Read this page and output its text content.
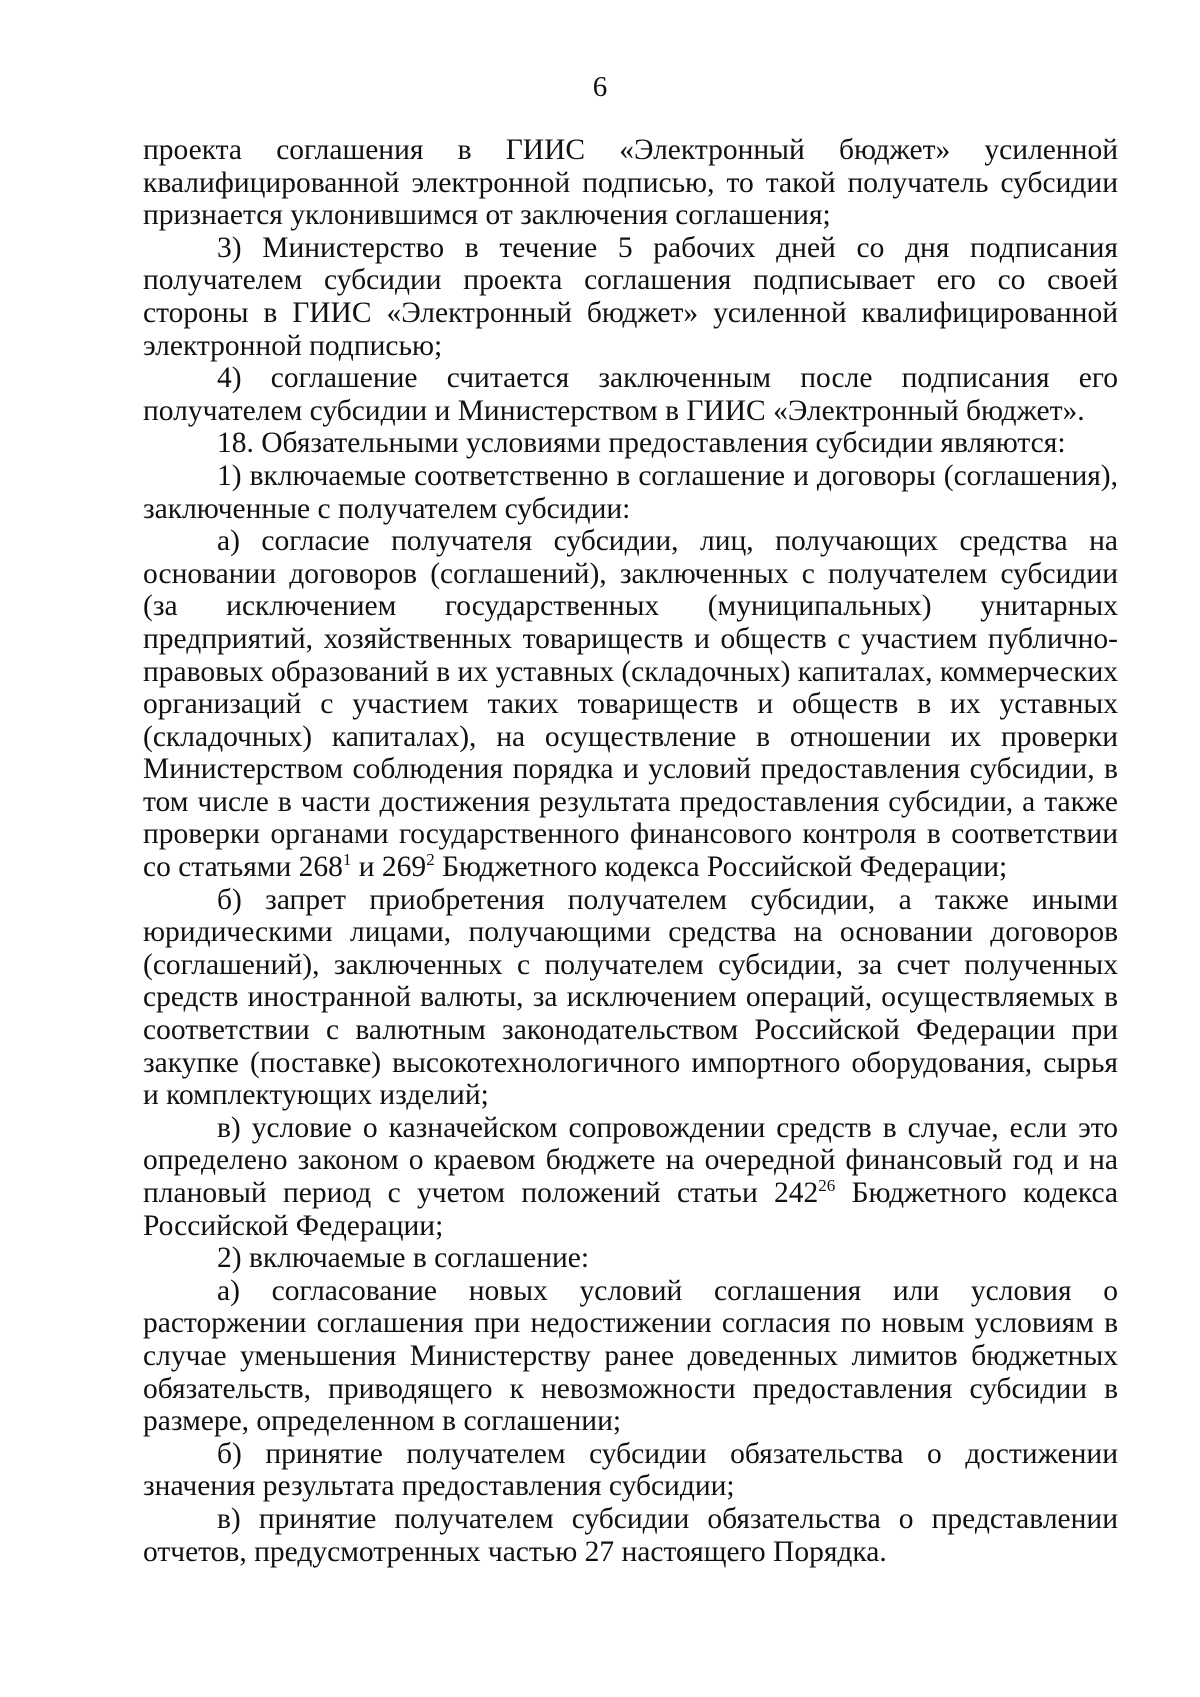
6

проекта соглашения в ГИИС «Электронный бюджет» усиленной квалифицированной электронной подписью, то такой получатель субсидии признается уклонившимся от заключения соглашения;

3) Министерство в течение 5 рабочих дней со дня подписания получателем субсидии проекта соглашения подписывает его со своей стороны в ГИИС «Электронный бюджет» усиленной квалифицированной электронной подписью;

4) соглашение считается заключенным после подписания его получателем субсидии и Министерством в ГИИС «Электронный бюджет».

18. Обязательными условиями предоставления субсидии являются:

1) включаемые соответственно в соглашение и договоры (соглашения), заключенные с получателем субсидии:

а) согласие получателя субсидии, лиц, получающих средства на основании договоров (соглашений), заключенных с получателем субсидии (за исключением государственных (муниципальных) унитарных предприятий, хозяйственных товариществ и обществ с участием публично-правовых образований в их уставных (складочных) капиталах, коммерческих организаций с участием таких товариществ и обществ в их уставных (складочных) капиталах), на осуществление в отношении их проверки Министерством соблюдения порядка и условий предоставления субсидии, в том числе в части достижения результата предоставления субсидии, а также проверки органами государственного финансового контроля в соответствии со статьями $268^1$ и $269^2$ Бюджетного кодекса Российской Федерации;

б) запрет приобретения получателем субсидии, а также иными юридическими лицами, получающими средства на основании договоров (соглашений), заключенных с получателем субсидии, за счет полученных средств иностранной валюты, за исключением операций, осуществляемых в соответствии с валютным законодательством Российской Федерации при закупке (поставке) высокотехнологичного импортного оборудования, сырья и комплектующих изделий;

в) условие о казначейском сопровождении средств в случае, если это определено законом о краевом бюджете на очередной финансовый год и на плановый период с учетом положений статьи $242^{26}$ Бюджетного кодекса Российской Федерации;

2) включаемые в соглашение:

а) согласование новых условий соглашения или условия о расторжении соглашения при недостижении согласия по новым условиям в случае уменьшения Министерству ранее доведенных лимитов бюджетных обязательств, приводящего к невозможности предоставления субсидии в размере, определенном в соглашении;

б) принятие получателем субсидии обязательства о достижении значения результата предоставления субсидии;

в) принятие получателем субсидии обязательства о представлении отчетов, предусмотренных частью 27 настоящего Порядка.
